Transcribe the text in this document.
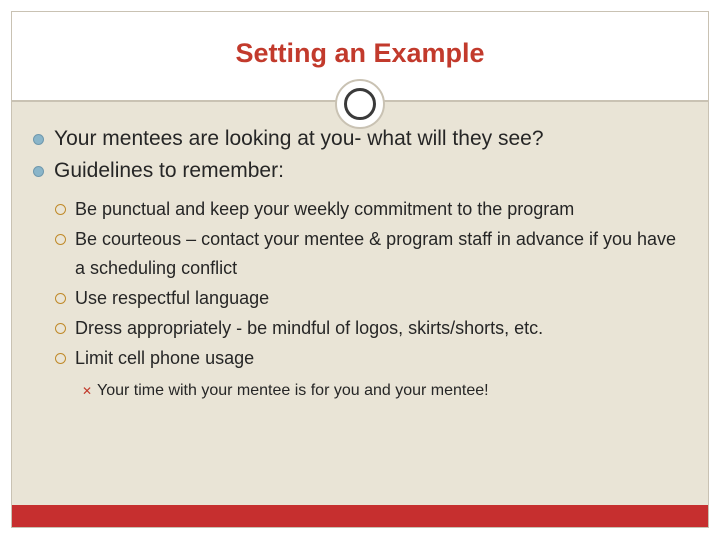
Setting an Example
Your mentees are looking at you- what will they see?
Guidelines to remember:
Be punctual and keep your weekly commitment to the program
Be courteous – contact your mentee & program staff in advance if you have a scheduling conflict
Use respectful language
Dress appropriately - be mindful of logos, skirts/shorts, etc.
Limit cell phone usage
✕ Your time with your mentee is for you and your mentee!
